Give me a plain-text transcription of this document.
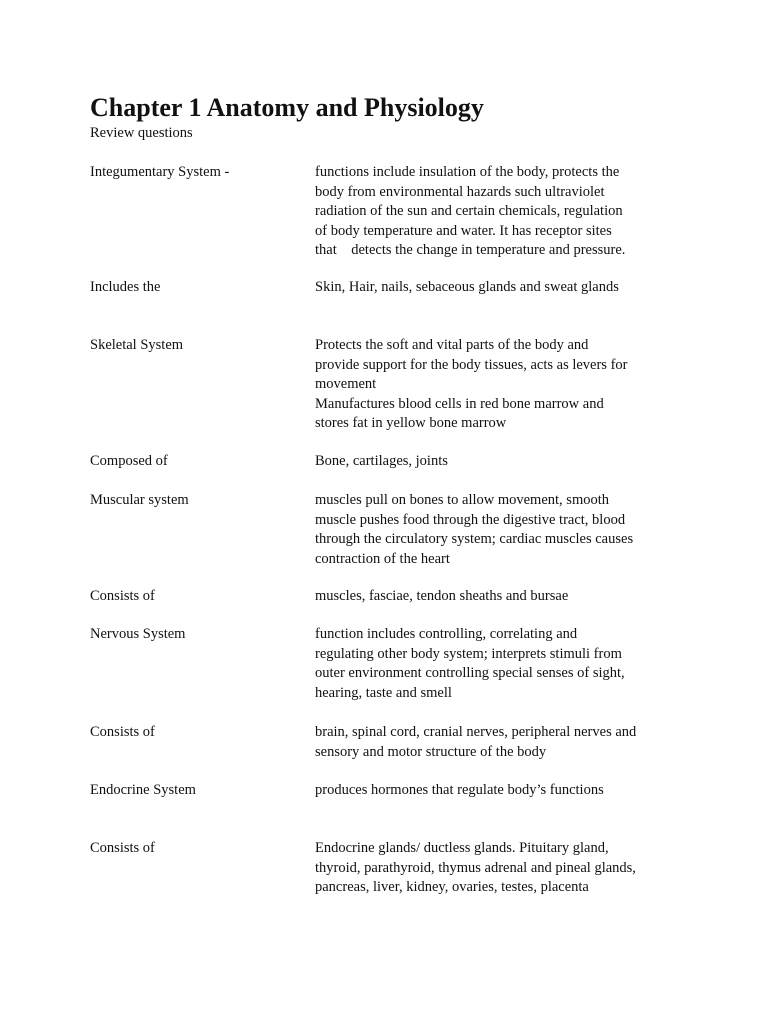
Chapter 1 Anatomy and Physiology
Review questions
Integumentary System -	functions include insulation of the body, protects the
body from environmental hazards such ultraviolet
radiation of the sun and certain chemicals, regulation
of body temperature and water. It has receptor sites
that    detects the change in temperature and pressure.
Includes the	Skin, Hair, nails, sebaceous glands and sweat glands
Skeletal System	Protects the soft and vital parts of the body and
provide support for the body tissues, acts as levers for
movement
Manufactures blood cells in red bone marrow and
stores fat in yellow bone marrow
Composed of	Bone, cartilages, joints
Muscular system	muscles pull on bones to allow movement, smooth
muscle pushes food through the digestive tract, blood
through the circulatory system; cardiac muscles causes
contraction of the heart
Consists of	muscles, fasciae, tendon sheaths and bursae
Nervous System	function includes controlling, correlating and
regulating other body system; interprets stimuli from
outer environment controlling special senses of sight,
hearing, taste and smell
Consists of	brain, spinal cord, cranial nerves, peripheral nerves and
sensory and motor structure of the body
Endocrine System	produces hormones that regulate body’s functions
Consists of	Endocrine glands/ ductless glands. Pituitary gland,
thyroid, parathyroid, thymus adrenal and pineal glands,
pancreas, liver, kidney, ovaries, testes, placenta
